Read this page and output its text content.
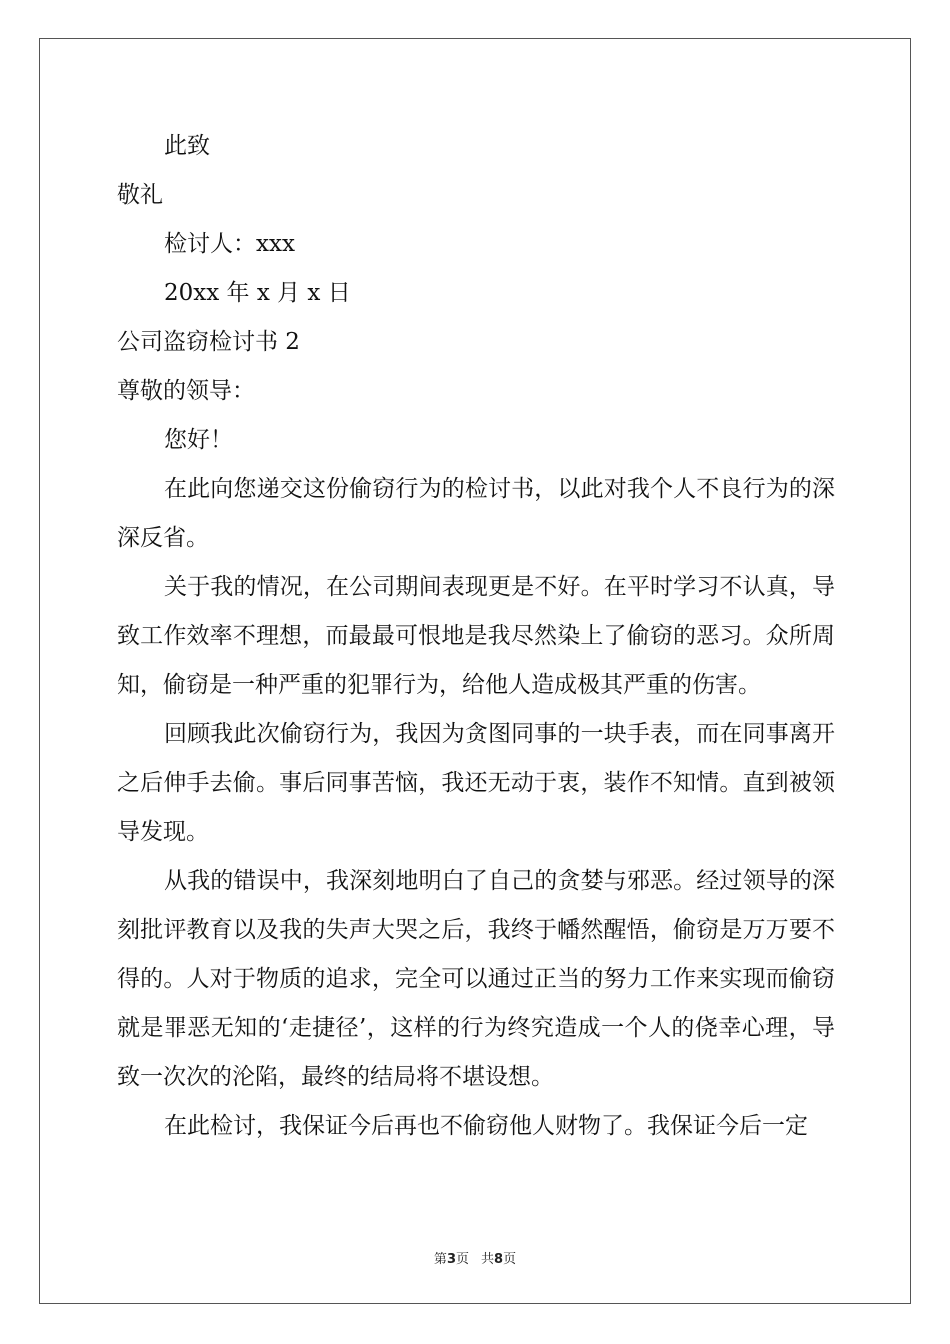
此致
敬礼
检讨人：xxx
20xx 年 x 月 x 日
公司盗窃检讨书 2
尊敬的领导：
您好！
在此向您递交这份偷窃行为的检讨书，以此对我个人不良行为的深深反省。
关于我的情况，在公司期间表现更是不好。在平时学习不认真，导致工作效率不理想，而最最可恨地是我尽然染上了偷窃的恶习。众所周知，偷窃是一种严重的犯罪行为，给他人造成极其严重的伤害。
回顾我此次偷窃行为，我因为贪图同事的一块手表，而在同事离开之后伸手去偷。事后同事苦恼，我还无动于衷，装作不知情。直到被领导发现。
从我的错误中，我深刻地明白了自己的贪婪与邪恶。经过领导的深刻批评教育以及我的失声大哭之后，我终于幡然醒悟，偷窃是万万要不得的。人对于物质的追求，完全可以通过正当的努力工作来实现而偷窃就是罪恶无知的‘走捷径’，这样的行为终究造成一个人的侥幸心理，导致一次次的沦陷，最终的结局将不堪设想。
在此检讨，我保证今后再也不偷窃他人财物了。我保证今后一定
第3页 共8页
